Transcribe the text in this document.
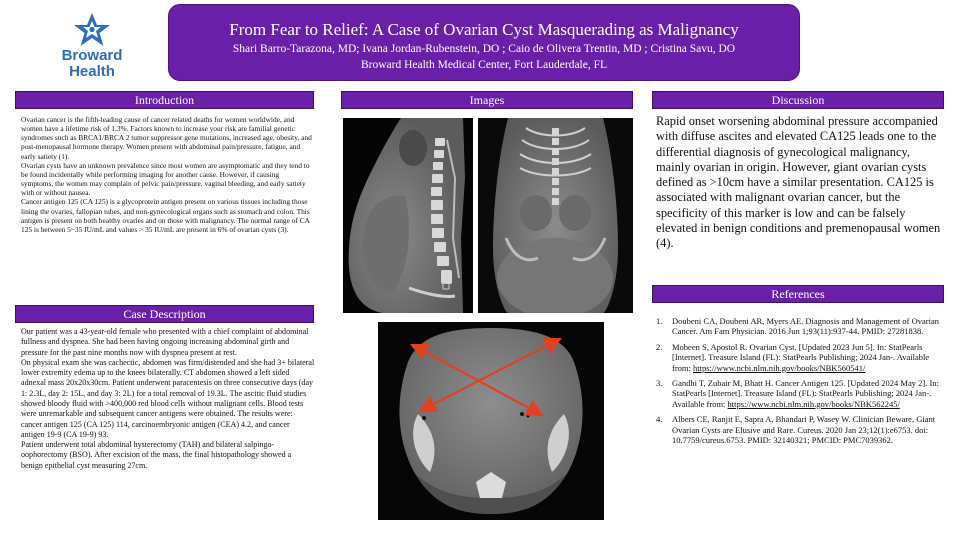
Broward
Health
From Fear to Relief: A Case of Ovarian Cyst Masquerading as Malignancy
Shari Barro-Tarazona, MD; Ivana Jordan-Rubenstein, DO ; Caio de Olivera Trentin, MD ; Cristina Savu, DO
Broward Health Medical Center, Fort Lauderdale, FL
Introduction	Images	Discussion
Case Description
References

Ovarian cancer is the fifth-leading cause of cancer related deaths for women worldwide, and women have a lifetime risk of 1.3%. Factors known to increase your risk are familial genetic syndromes such as BRCA1/BRCA 2 tumor suppressor gene mutations, increased age, obesity, and post-menopausal hormone therapy. Women present with abdominal pain/pressure, fatigue, and early satiety (1).

Ovarian cysts have an unknown prevalence since most women are asymptomatic and they tend to be found incidentally while performing imaging for another cause. However, if causing symptoms, the women may complain of pelvic pain/pressure, vaginal bleeding, and early satiety with or without nausea.

Cancer antigen 125 (CA 125) is a glycoprotein antigen present on various tissues including those lining the ovaries, fallopian tubes, and non-gynecological organs such as stomach and colon. This antigen is present on both healthy ovaries and on those with malignancy. The normal range of CA 125 is between 5~35 IU/mL and values > 35 IU/mL are present in 6% of ovarian cysts (3).

Our patient was a 43-year-old female who presented with a chief complaint of abdominal fullness and dyspnea. She had been having ongoing increasing abdominal girth and pressure for the past nine months now with dyspnea present at rest.

On physical exam she was cachectic, abdomen was firm/distended and she had 3+ bilateral lower extremity edema up to the knees bilaterally. CT abdomen showed a left sided adnexal mass 20x20x30cm. Patient underwent paracentesis on three consecutive days (day 1: 2.3L, day 2: 15L, and day 3: 2L) for a total removal of 19.3L. The ascitic fluid studies showed bloody fluid with >400,000 red blood cells without malignant cells. Blood tests were unremarkable and subsequent cancer antigens were obtained. The results were: cancer antigen 125 (CA 125) 114, carcinoembryonic antigen (CEA) 4.2, and cancer antigen 19-9 (CA 19-9) 93.

Patient underwent total abdominal hysterectomy (TAH) and bilateral salpingo-oophorectomy (BSO). After excision of the mass, the final histopathology showed a benign epithelial cyst measuring 27cm.

Rapid onset worsening abdominal pressure accompanied with diffuse ascites and elevated CA125 leads one to the differential diagnosis of gynecological malignancy, mainly ovarian in origin. However, giant ovarian cysts defined as >10cm have a similar presentation. CA125 is associated with malignant ovarian cancer, but the specificity of this marker is low and can be falsely elevated in benign conditions and premenopausal women (4).
1.	Doubeni CA, Doubeni AR, Myers AE. Diagnosis and Management of Ovarian Cancer. Am Fam Physician. 2016 Jun 1;93(11):937-44. PMID: 27281838.
2.	Mobeen S, Apostol R. Ovarian Cyst. [Updated 2023 Jun 5]. In: StatPearls [Internet]. Treasure Island (FL): StatPearls Publishing; 2024 Jan-. Available from: https://www.ncbi.nlm.nih.gov/books/NBK560541/
3.	Gandhi T, Zubair M, Bhatt H. Cancer Antigen 125. [Updated 2024 May 2]. In: StatPearls [Internet]. Treasure Island (FL): StatPearls Publishing; 2024 Jan-. Available from: https://www.ncbi.nlm.nih.gov/books/NBK562245/
4.	Albers CE, Ranjit E, Sapra A, Bhandari P, Wasey W. Clinician Beware, Giant Ovarian Cysts are Elusive and Rare. Cureus. 2020 Jan 23;12(1):e6753. doi: 10.7759/cureus.6753. PMID: 32140321; PMCID: PMC7039362.
